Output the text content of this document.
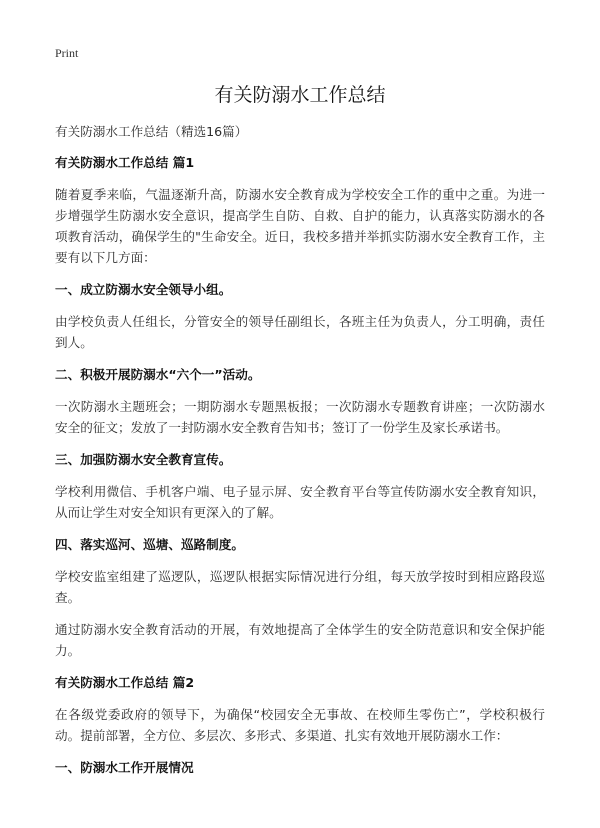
Print
有关防溺水工作总结
有关防溺水工作总结（精选16篇）
有关防溺水工作总结 篇1
随着夏季来临，气温逐渐升高，防溺水安全教育成为学校安全工作的重中之重。为进一步增强学生防溺水安全意识，提高学生自防、自救、自护的能力，认真落实防溺水的各项教育活动，确保学生的"生命安全。近日，我校多措并举抓实防溺水安全教育工作，主要有以下几方面：
一、成立防溺水安全领导小组。
由学校负责人任组长，分管安全的领导任副组长，各班主任为负责人，分工明确，责任到人。
二、积极开展防溺水“六个一”活动。
一次防溺水主题班会；一期防溺水专题黑板报；一次防溺水专题教育讲座；一次防溺水安全的征文；发放了一封防溺水安全教育告知书；签订了一份学生及家长承诺书。
三、加强防溺水安全教育宣传。
学校利用微信、手机客户端、电子显示屏、安全教育平台等宣传防溺水安全教育知识，从而让学生对安全知识有更深入的了解。
四、落实巡河、巡塘、巡路制度。
学校安监室组建了巡逻队，巡逻队根据实际情况进行分组，每天放学按时到相应路段巡查。
通过防溺水安全教育活动的开展，有效地提高了全体学生的安全防范意识和安全保护能力。
有关防溺水工作总结 篇2
在各级党委政府的领导下，为确保“校园安全无事故、在校师生零伤亡”，学校积极行动。提前部署，全方位、多层次、多形式、多渠道、扎实有效地开展防溺水工作：
一、防溺水工作开展情况
